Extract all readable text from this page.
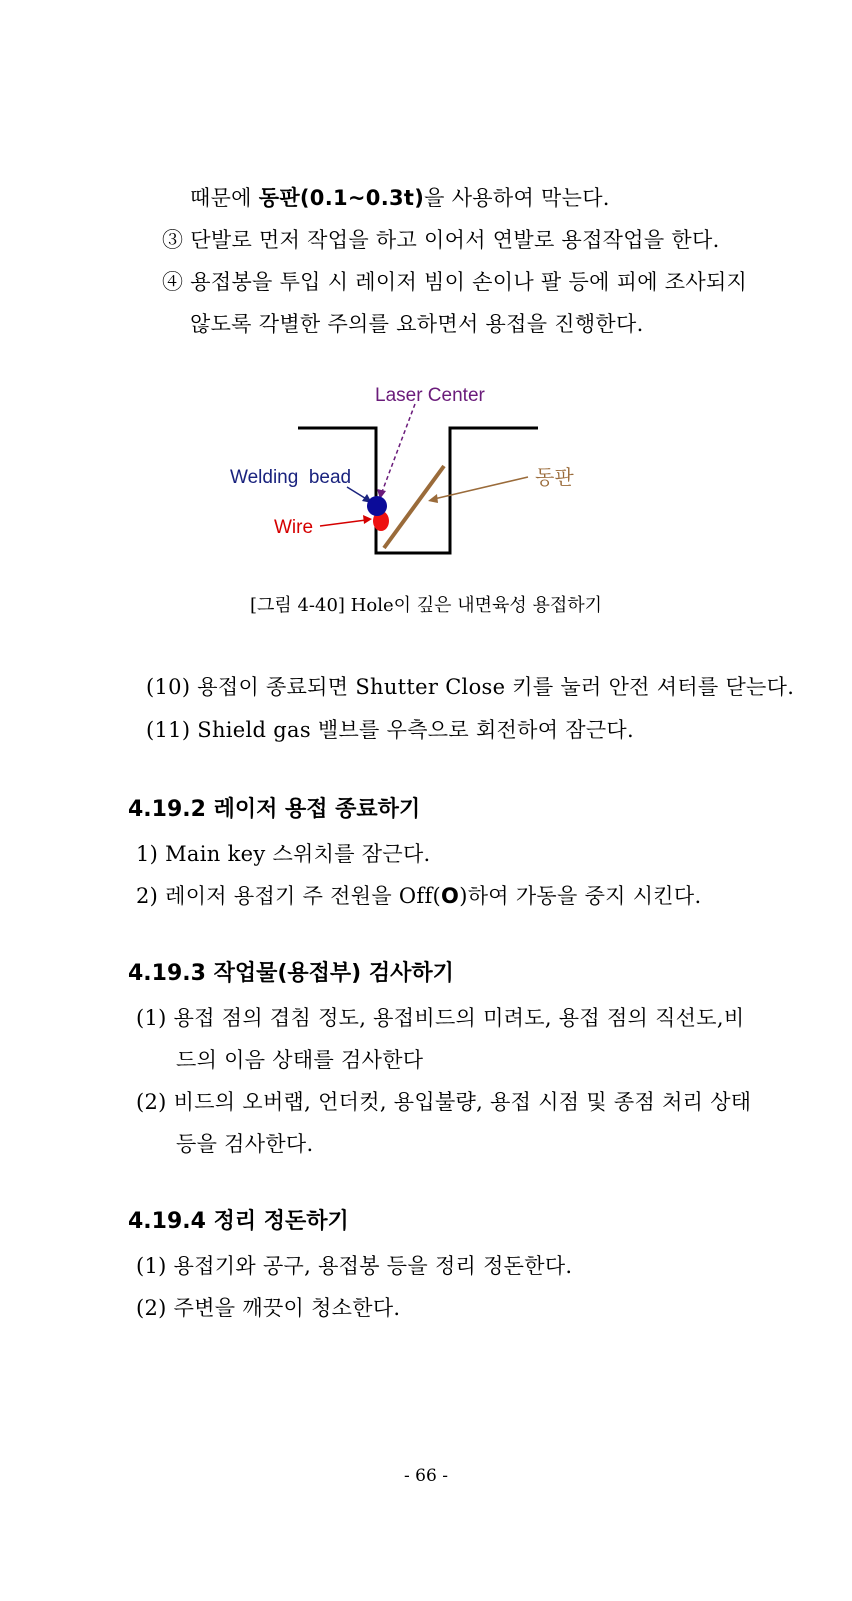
때문에 동판(0.1~0.3t)을 사용하여 막는다.
③ 단발로 먼저 작업을 하고 이어서 연발로 용접작업을 한다.
④ 용접봉을 투입 시 레이저 빔이 손이나 팔 등에 피에 조사되지
않도록 각별한 주의를 요하면서 용접을 진행한다.
Laser Center
Welding  bead
Wire
동판
[그림 4-40] Hole이 깊은 내면육성 용접하기
(10) 용접이 종료되면 Shutter Close 키를 눌러 안전 셔터를 닫는다.
(11) Shield gas 밸브를 우측으로 회전하여 잠근다.
4.19.2 레이저 용접 종료하기
1) Main key 스위치를 잠근다.
2) 레이저 용접기 주 전원을 Off(O)하여 가동을 중지 시킨다.
4.19.3 작업물(용접부) 검사하기
(1) 용접 점의 겹침 정도, 용접비드의 미려도, 용접 점의 직선도,비
드의 이음 상태를 검사한다
(2) 비드의 오버랩, 언더컷, 용입불량, 용접 시점 및 종점 처리 상태
등을 검사한다.
4.19.4 정리 정돈하기
(1) 용접기와 공구, 용접봉 등을 정리 정돈한다.
(2) 주변을 깨끗이 청소한다.
- 66 -
